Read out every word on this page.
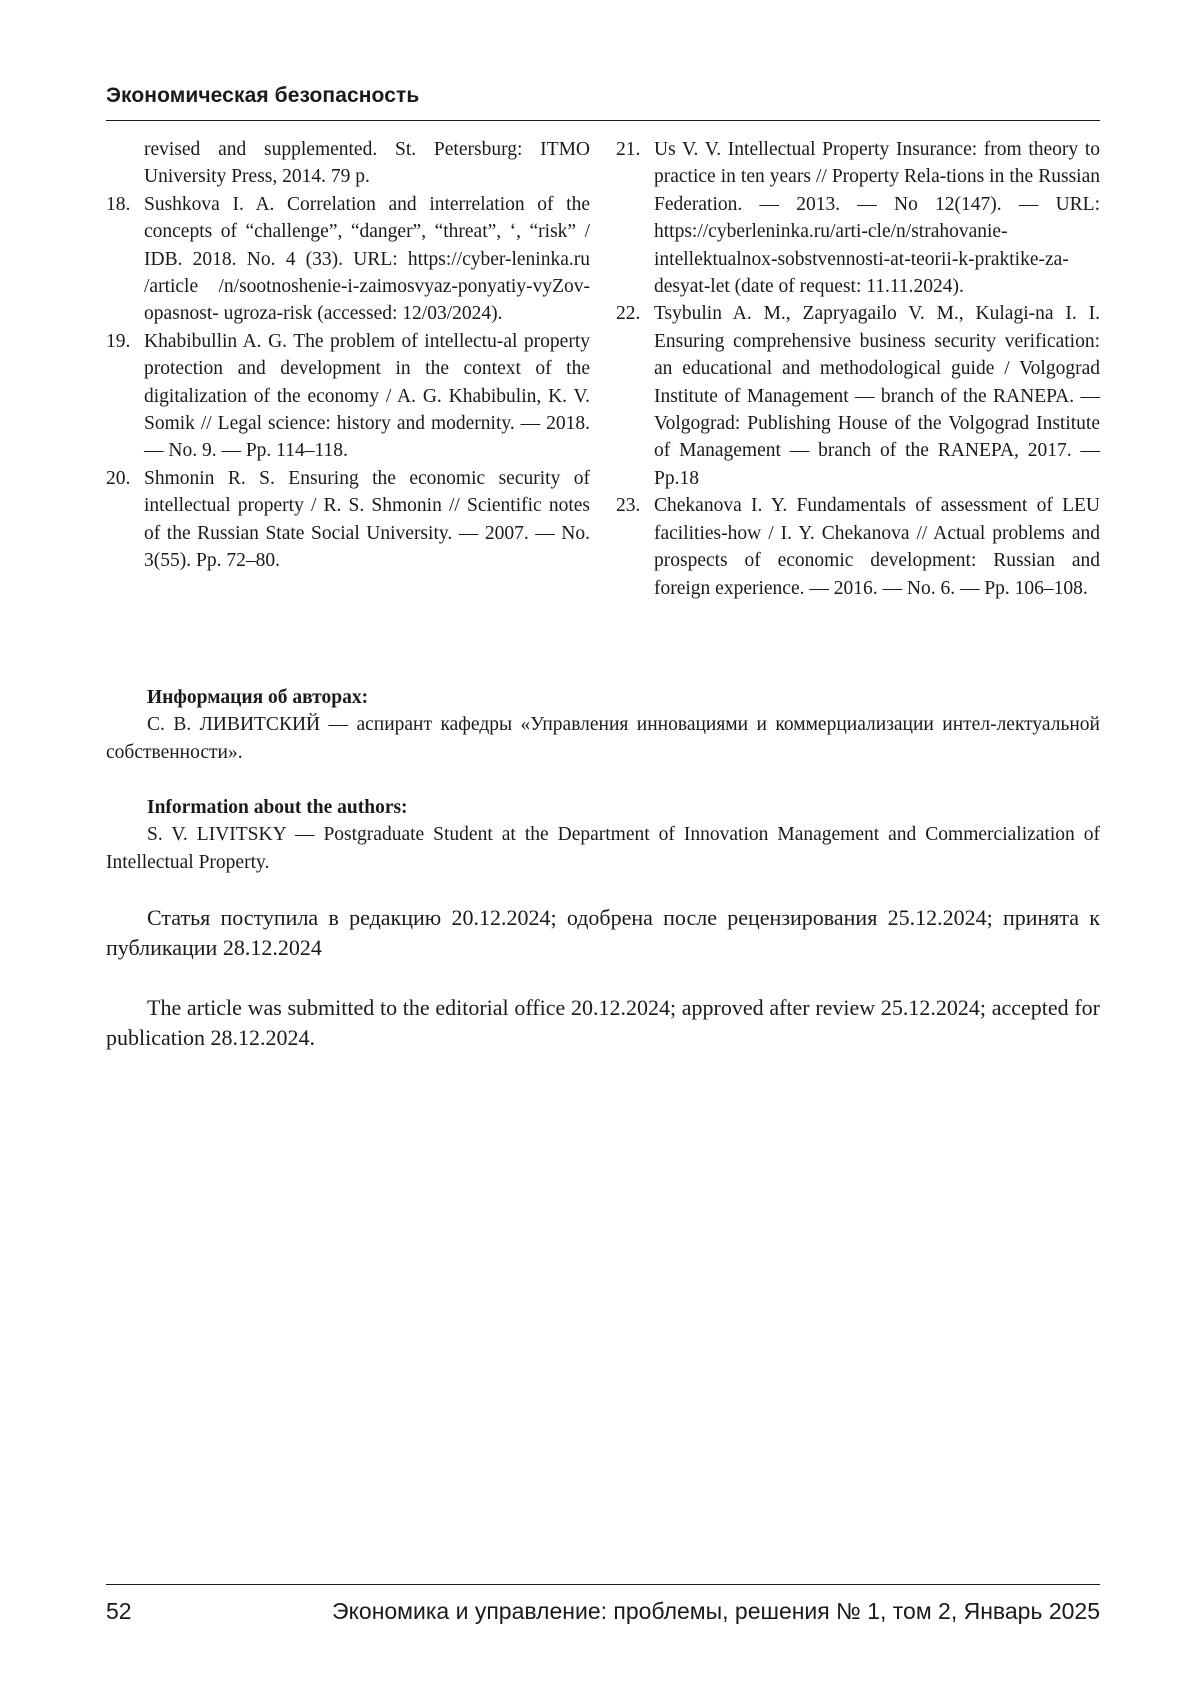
Экономическая безопасность
revised and supplemented. St. Petersburg: ITMO University Press, 2014. 79 p.
18. Sushkova I. A. Correlation and interrelation of the concepts of “challenge”, “danger”, “threat”, ‘, “risk” / IDB. 2018. No. 4 (33). URL: https://cyber-leninka.ru /article /n/sootnoshenie-i-zaimosvyaz-ponyatiy-vyZov-opasnost- ugroza-risk (accessed: 12/03/2024).
19. Khabibullin A. G. The problem of intellectu-al property protection and development in the context of the digitalization of the economy / A. G. Khabibulin, K. V. Somik // Legal science: history and modernity. — 2018. — No. 9. — Pp. 114–118.
20. Shmonin R. S. Ensuring the economic security of intellectual property / R. S. Shmonin // Scientific notes of the Russian State Social University. — 2007. — No. 3(55). Pp. 72–80.
21. Us V. V. Intellectual Property Insurance: from theory to practice in ten years // Property Rela-tions in the Russian Federation. — 2013. — No 12(147). — URL: https://cyberleninka.ru/arti-cle/n/strahovanie-intellektualnox-sobstvennosti-at-teorii-k-praktike-za-desyat-let (date of request: 11.11.2024).
22. Tsybulin A. M., Zapryagailo V. M., Kulagi-na I. I. Ensuring comprehensive business security verification: an educational and methodological guide / Volgograd Institute of Management — branch of the RANEPA. — Volgograd: Publishing House of the Volgograd Institute of Management — branch of the RANEPA, 2017. — Pp.18
23. Chekanova I. Y. Fundamentals of assessment of LEU facilities-how / I. Y. Chekanova // Actual problems and prospects of economic development: Russian and foreign experience. — 2016. — No. 6. — Pp. 106–108.
Информация об авторах:
С. В. ЛИВИТСКИЙ — аспирант кафедры «Управления инновациями и коммерциализации интел-лектуальной собственности».
Information about the authors:
S. V. LIVITSKY — Postgraduate Student at the Department of Innovation Management and Commercialization of Intellectual Property.
Статья поступила в редакцию 20.12.2024; одобрена после рецензирования 25.12.2024; принята к публикации 28.12.2024
The article was submitted to the editorial office 20.12.2024; approved after review 25.12.2024; accepted for publication 28.12.2024.
52	Экономика и управление: проблемы, решения № 1, том 2, Январь 2025
